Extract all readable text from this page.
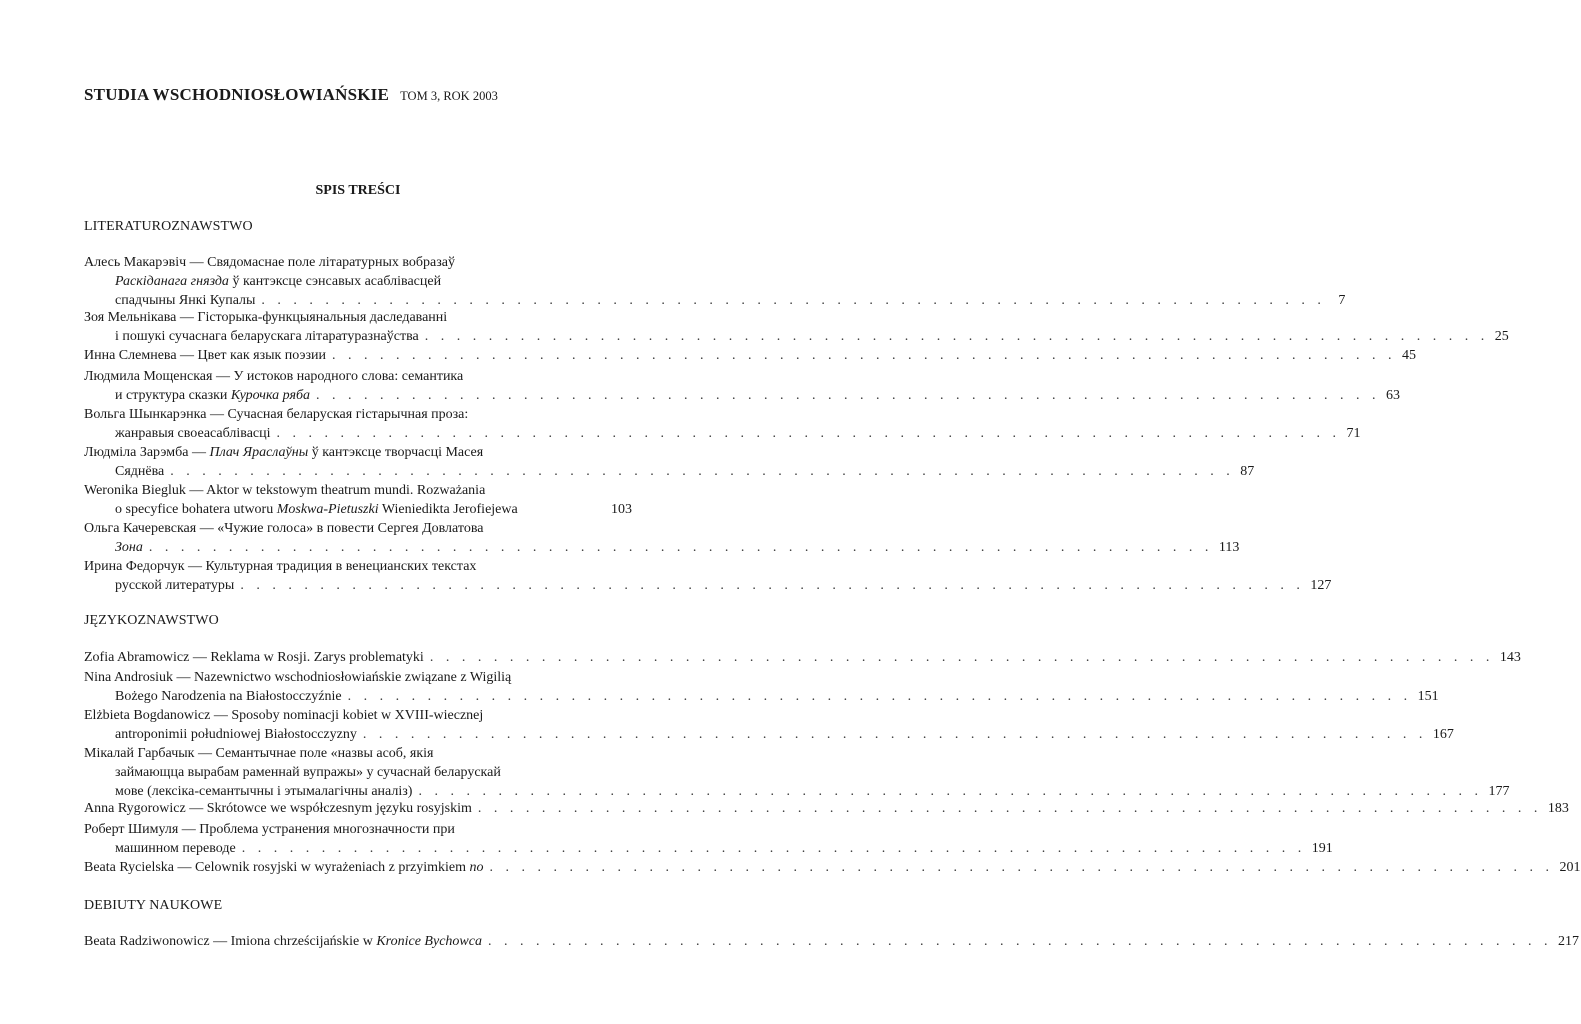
STUDIA WSCHODNIOSŁOWIAŃSKIE TOM 3, ROK 2003
SPIS TREŚCI
LITERATUROZNAWSTWO
Алесь Макарэвіч — Свядомаснае поле літаратурных вобразаў
Раскіданага гнязда ў кантэксце сэнсавых асаблівасцей
спадчыны Янкі Купалы . . . . . . . . . . . . . . . . . . . . . . . . . . . . . . . . . . . . . . . . . . . . . . . . . . . . . . . . . . . . . . . . . . . 7
Зоя Мельнікава — Гісторыка-функцыянальныя даследаванні
і пошукі сучаснага беларускага літаратуразнаўства . . . . . . . . . . . . . . . . . . . . . . . . . . . . . . . . . . . . . . . . . . . . . . . . . . . . . . . . . . . . . . . . . . . 25
Инна Слемнева — Цвет как язык поэзии . . . . . . . . . . . . . . . . . . . . . . . . . . . . . . . . . . . . . . . . . . . . . . . . . . . . . . . . . . . . . . . . . . . 45
Людмила Мощенская — У истоков народного слова: семантика
и структура сказки Курочка ряба . . . . . . . . . . . . . . . . . . . . . . . . . . . . . . . . . . . . . . . . . . . . . . . . . . . . . . . . . . . . . . . . . . . 63
Вольга Шынкарэнка — Сучасная беларуская гістарычная проза:
жанравыя своеасаблівасці . . . . . . . . . . . . . . . . . . . . . . . . . . . . . . . . . . . . . . . . . . . . . . . . . . . . . . . . . . . . . . . . . . . 71
Людміла Зарэмба — Плач Яраслаўны ў кантэксце творчасці Масея
Сяднёва . . . . . . . . . . . . . . . . . . . . . . . . . . . . . . . . . . . . . . . . . . . . . . . . . . . . . . . . . . . . . . . . . . . 87
Weronika Biegluk — Aktor w tekstowym theatrum mundi. Rozważania
o specyfice bohatera utworu Moskwa-Pietuszki Wieniedikta Jerofiejewa	103
Ольга Качеревская — «Чужие голоса» в повести Сергея Довлатова
Зона . . . . . . . . . . . . . . . . . . . . . . . . . . . . . . . . . . . . . . . . . . . . . . . . . . . . . . . . . . . . . . . . . . . 113
Ирина Федорчук — Культурная традиция в венецианских текстах
русской литературы . . . . . . . . . . . . . . . . . . . . . . . . . . . . . . . . . . . . . . . . . . . . . . . . . . . . . . . . . . . . . . . . . . . 127
JĘZYKOZNAWSTWO
Zofia Abramowicz — Reklama w Rosji. Zarys problematyki . . . . . . . . . . . . . . . . . . . . . . . . . . . . . . . . . . . . . . . . . . . . . . . . . . . . . . . . . . . . . . . . . . . 143
Nina Androsiuk — Nazewnictwo wschodniosłowiańskie związane z Wigilią
Bożego Narodzenia na Białostocczyźnie . . . . . . . . . . . . . . . . . . . . . . . . . . . . . . . . . . . . . . . . . . . . . . . . . . . . . . . . . . . . . . . . . . . 151
Elżbieta Bogdanowicz — Sposoby nominacji kobiet w XVIII-wiecznej
antroponimii południowej Białostocczyzny . . . . . . . . . . . . . . . . . . . . . . . . . . . . . . . . . . . . . . . . . . . . . . . . . . . . . . . . . . . . . . . . . . . 167
Мікалай Гарбачык — Семантычнае поле «назвы асоб, якія
займающца вырабам раменнай вупражы» у сучаснай беларускай
мове (лексіка-семантычны і этымалагічны аналіз) . . . . . . . . . . . . . . . . . . . . . . . . . . . . . . . . . . . . . . . . . . . . . . . . . . . . . . . . . . . . . . . . . . . 177
Anna Rygorowicz — Skrótowce we współczesnym języku rosyjskim . . . . . . . . . . . . . . . . . . . . . . . . . . . . . . . . . . . . . . . . . . . . . . . . . . . . . . . . . . . . . . . . . . . 183
Роберт Шимуля — Проблема устранения многозначности при
машинном переводе . . . . . . . . . . . . . . . . . . . . . . . . . . . . . . . . . . . . . . . . . . . . . . . . . . . . . . . . . . . . . . . . . . . 191
Beata Rycielska — Celownik rosyjski w wyrażeniach z przyimkiem no . . . . . . . . . . . . . . . . . . . . . . . . . . . . . . . . . . . . . . . . . . . . . . . . . . . . . . . . . . . . . . . . . . . 201
DEBIUTY NAUKOWE
Beata Radziwonowicz — Imiona chrześcijańskie w Kronice Bychowca . . . . . . . . . . . . . . . . . . . . . . . . . . . . . . . . . . . . . . . . . . . . . . . . . . . . . . . . . . . . . . . . . . . 217
